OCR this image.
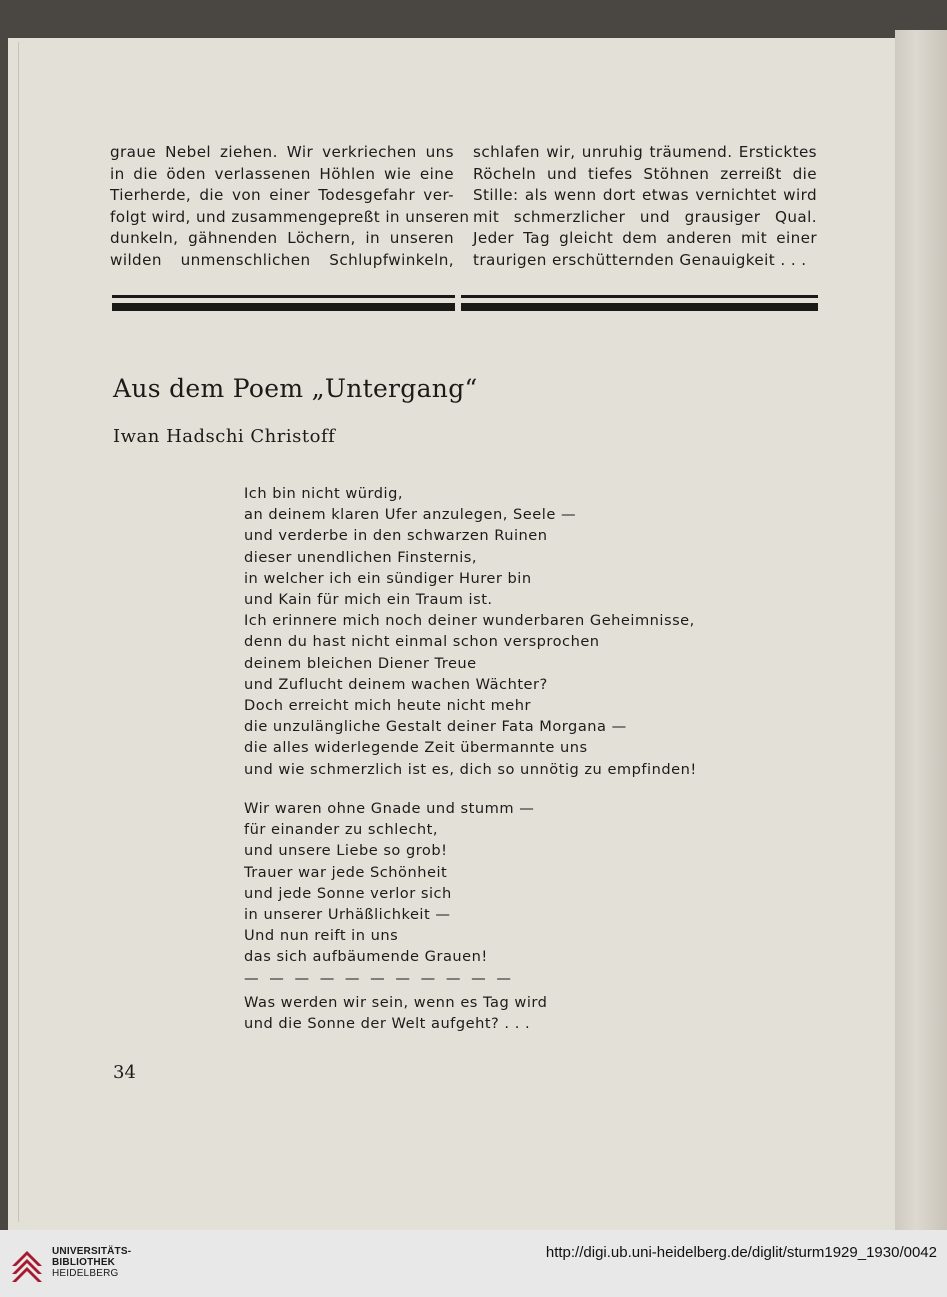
graue Nebel ziehen. Wir verkriechen uns
in die öden verlassenen Höhlen wie eine
Tierherde, die von einer Todesgefahr ver-
folgt wird, und zusammengepreßt in unseren
dunkeln, gähnenden Löchern, in unseren
wilden unmenschlichen Schlupfwinkeln,
schlafen wir, unruhig träumend. Ersticktes
Röcheln und tiefes Stöhnen zerreißt die
Stille: als wenn dort etwas vernichtet wird
mit schmerzlicher und grausiger Qual.
Jeder Tag gleicht dem anderen mit einer
traurigen erschütternden Genauigkeit . . .
Aus dem Poem „Untergang“
Iwan Hadschi Christoff
Ich bin nicht würdig,
an deinem klaren Ufer anzulegen, Seele —
und verderbe in den schwarzen Ruinen
dieser unendlichen Finsternis,
in welcher ich ein sündiger Hurer bin
und Kain für mich ein Traum ist.
Ich erinnere mich noch deiner wunderbaren Geheimnisse,
denn du hast nicht einmal schon versprochen
deinem bleichen Diener Treue
und Zuflucht deinem wachen Wächter?
Doch erreicht mich heute nicht mehr
die unzulängliche Gestalt deiner Fata Morgana —
die alles widerlegende Zeit übermannte uns
und wie schmerzlich ist es, dich so unnötig zu empfinden!
Wir waren ohne Gnade und stumm —
für einander zu schlecht,
und unsere Liebe so grob!
Trauer war jede Schönheit
und jede Sonne verlor sich
in unserer Urhäßlichkeit —
Und nun reift in uns
das sich aufbäumende Grauen!
— — — — — — — — — — —
Was werden wir sein, wenn es Tag wird
und die Sonne der Welt aufgeht? . . .
34
UNIVERSITÄTS-
BIBLIOTHEK
HEIDELBERG
http://digi.ub.uni-heidelberg.de/diglit/sturm1929_1930/0042
